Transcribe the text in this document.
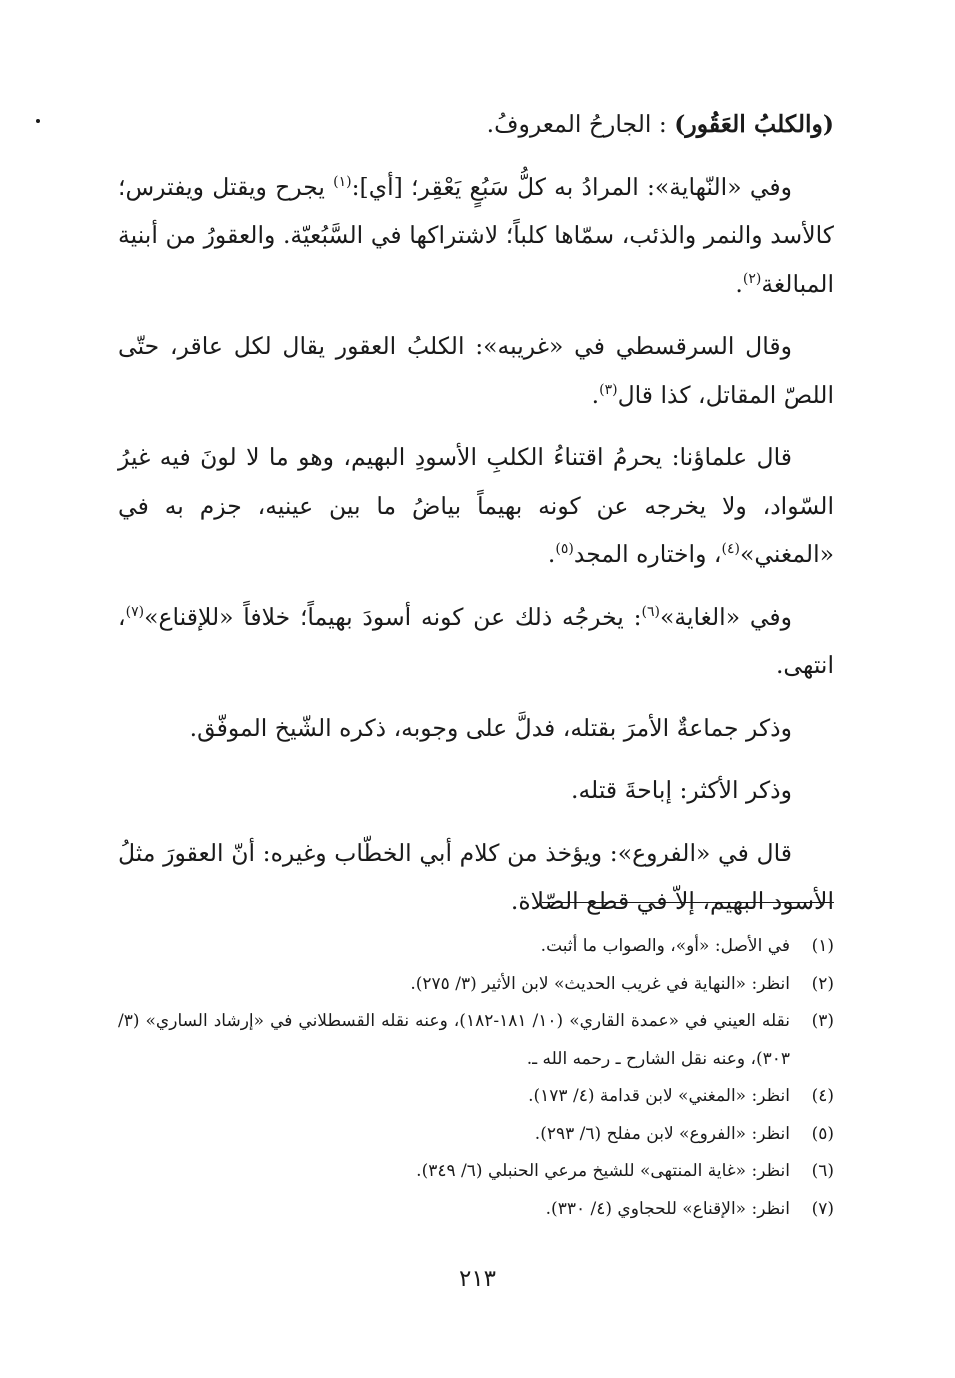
(والكلبُ العَقُور) : الجارحُ المعروفُ.

وفي «النّهاية»: المرادُ به كلُّ سَبُعٍ يَعْقِر؛ [أي]:$^{(١)}$ يجرح ويقتل ويفترس؛ كالأسد والنمر والذئب، سمّاها كلباً؛ لاشتراكها في السَّبُعيّة. والعقورُ من أبنية المبالغة$^{(٢)}$.

وقال السرقسطي في «غريبه»: الكلبُ العقور يقال لكل عاقر، حتّى اللصّ المقاتل، كذا قال$^{(٣)}$.

قال علماؤنا: يحرمُ اقتناءُ الكلبِ الأسودِ البهيم، وهو ما لا لونَ فيه غيرُ السّواد، ولا يخرجه عن كونه بهيماً بياضُ ما بين عينيه، جزم به في «المغني»$^{(٤)}$، واختاره المجد$^{(٥)}$.

وفي «الغاية»$^{(٦)}$: يخرجُه ذلك عن كونه أسودَ بهيماً؛ خلافاً «للإقناع»$^{(٧)}$، انتهى.

وذكر جماعةٌ الأمرَ بقتله، فدلَّ على وجوبه، ذكره الشّيخ الموفّق.

وذكر الأكثر: إباحةَ قتله.

قال في «الفروع»: ويؤخذ من كلام أبي الخطّاب وغيره: أنّ العقورَ مثلُ الأسود البهيم، إلاّ في قطع الصّلاة.

(١)
في الأصل: «أو»، والصواب ما أثبت.
(٢)
انظر: «النهاية في غريب الحديث» لابن الأثير (٣/ ٢٧٥).
(٣)
نقله العيني في «عمدة القاري» (١٠/ ١٨١-١٨٢)، وعنه نقله القسطلاني في «إرشاد الساري» (٣/ ٣٠٣)، وعنه نقل الشارح ـ رحمه الله ـ.
(٤)
انظر: «المغني» لابن قدامة (٤/ ١٧٣).
(٥)
انظر: «الفروع» لابن مفلح (٦/ ٢٩٣).
(٦)
انظر: «غاية المنتهى» للشيخ مرعي الحنبلي (٦/ ٣٤٩).
(٧)
انظر: «الإقناع» للحجاوي (٤/ ٣٣٠).
٢١٣
